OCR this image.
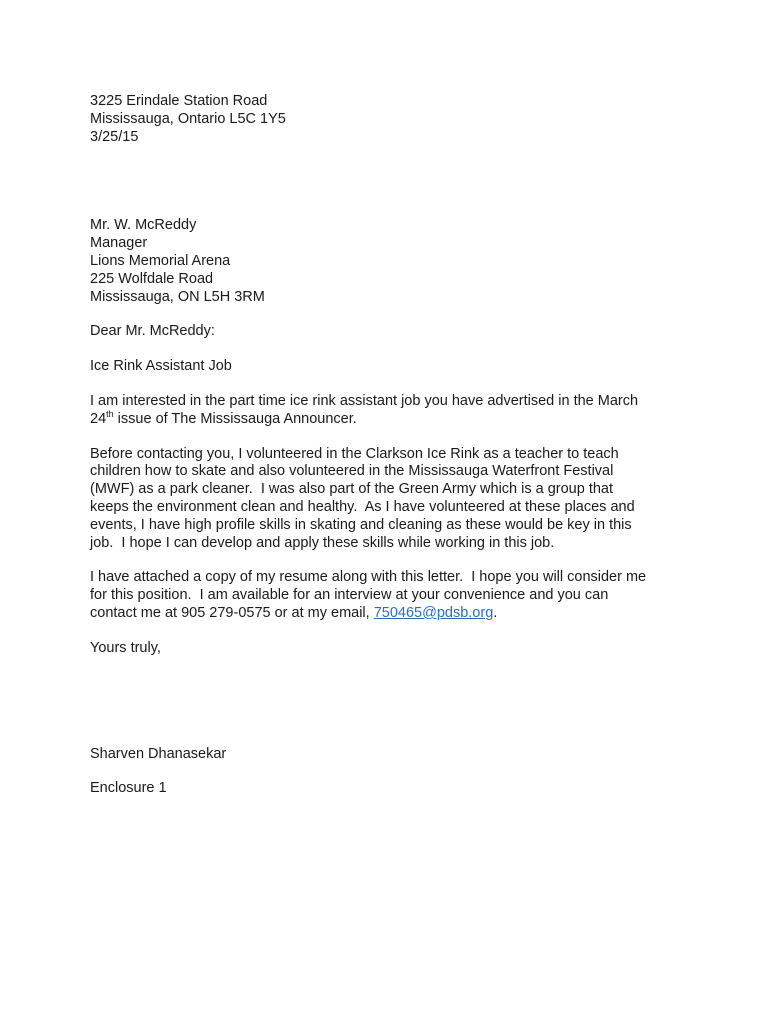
3225 Erindale Station Road
Mississauga, Ontario L5C 1Y5
3/25/15
Mr. W. McReddy
Manager
Lions Memorial Arena
225 Wolfdale Road
Mississauga, ON L5H 3RM
Dear Mr. McReddy:
Ice Rink Assistant Job
I am interested in the part time ice rink assistant job you have advertised in the March
24th issue of The Mississauga Announcer.
Before contacting you, I volunteered in the Clarkson Ice Rink as a teacher to teach
children how to skate and also volunteered in the Mississauga Waterfront Festival
(MWF) as a park cleaner.  I was also part of the Green Army which is a group that
keeps the environment clean and healthy.  As I have volunteered at these places and
events, I have high profile skills in skating and cleaning as these would be key in this
job.  I hope I can develop and apply these skills while working in this job.
I have attached a copy of my resume along with this letter.  I hope you will consider me
for this position.  I am available for an interview at your convenience and you can
contact me at 905 279-0575 or at my email, 750465@pdsb.org.
Yours truly,
Sharven Dhanasekar
Enclosure 1
